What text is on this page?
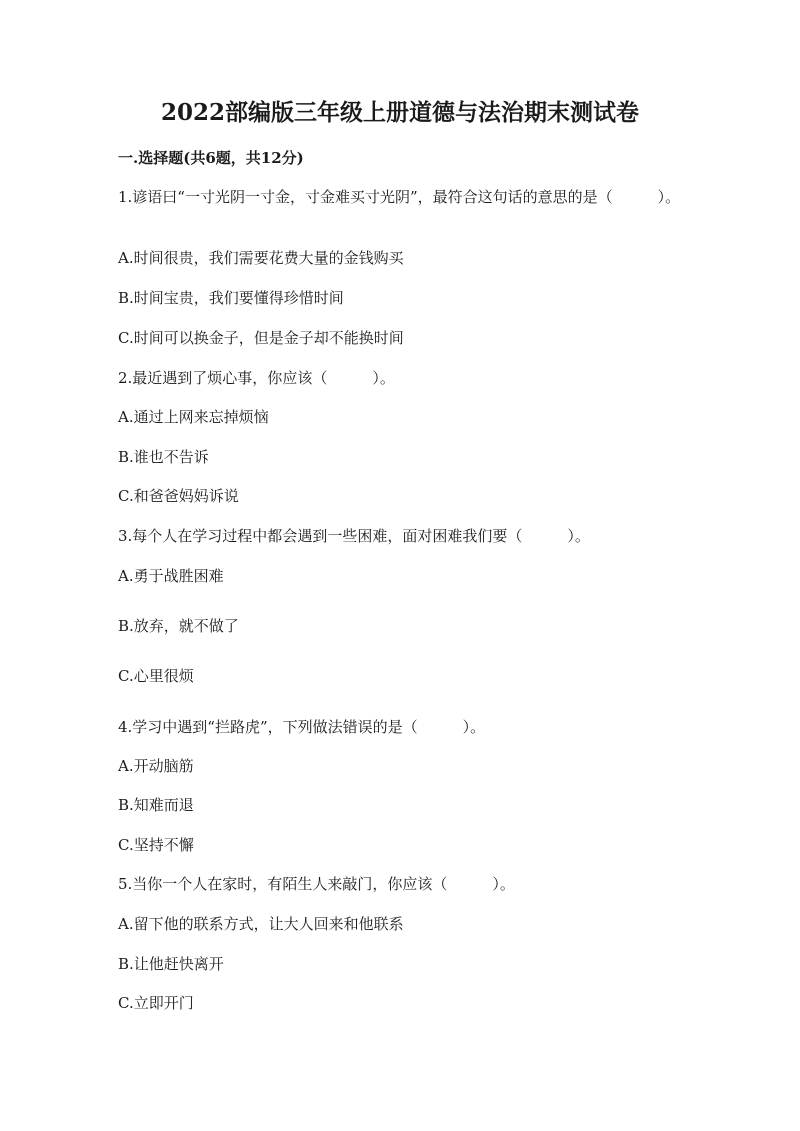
2022部编版三年级上册道德与法治期末测试卷
一.选择题(共6题，共12分)
1.谚语曰“一寸光阴一寸金，寸金难买寸光阴”，最符合这句话的意思的是（　　　）。
A.时间很贵，我们需要花费大量的金钱购买
B.时间宝贵，我们要懂得珍惜时间
C.时间可以换金子，但是金子却不能换时间
2.最近遇到了烦心事，你应该（　　　）。
A.通过上网来忘掉烦恼
B.谁也不告诉
C.和爸爸妈妈诉说
3.每个人在学习过程中都会遇到一些困难，面对困难我们要（　　　）。
A.勇于战胜困难
B.放弃，就不做了
C.心里很烦
4.学习中遇到“拦路虎”，下列做法错误的是（　　　）。
A.开动脑筋
B.知难而退
C.坚持不懈
5.当你一个人在家时，有陌生人来敲门，你应该（　　　）。
A.留下他的联系方式，让大人回来和他联系
B.让他赶快离开
C.立即开门
